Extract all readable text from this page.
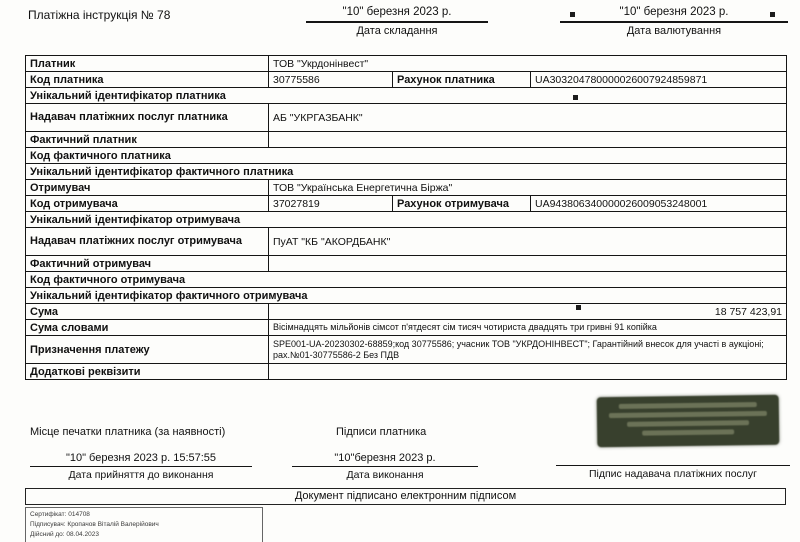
Платіжна інструкція № 78	"10" березня 2023 р.
Дата складання
"10" березня 2023 р.
Дата валютування
Платник	ТОВ "Укрдонінвест"		
Код платника	30775586	Рахунок платника	UA303204780000026007924859871
Унікальний ідентифікатор платника			
Надавач платіжних послуг платника	АБ "УКРГАЗБАНК"		
Фактичний платник			
Код фактичного платника			
Унікальний ідентифікатор фактичного платника			
Отримувач	ТОВ "Українська Енергетична Біржа"		
Код отримувача	37027819	Рахунок отримувача	UA943806340000026009053248001
Унікальний ідентифікатор отримувача			
Надавач платіжних послуг отримувача	ПуАТ "КБ "АКОРДБАНК"		
Фактичний отримувач			
Код фактичного отримувача			
Унікальний ідентифікатор фактичного отримувача			
Сума	18 757 423,91		
Сума словами	Вісімнадцять мільйонів сімсот п'ятдесят сім тисяч чотириста двадцять три гривні 91 копійка		
Призначення платежу	SPE001-UA-20230302-68859;код 30775586; учасник ТОВ "УКРДОНІНВЕСТ"; Гарантійний внесок для участі в аукціоні; рах.№01-30775586-2 Без ПДВ		
Додаткові реквізити			
Місце печатки платника (за наявності)	Підписи платника
"10" березня 2023 р. 15:57:55
Дата прийняття до виконання
"10"березня 2023 р.
Дата виконання	Підпис надавача платіжних послуг
Документ підписано електронним підписом
Сертифікат: 014708
Підписувач: Кропачов Віталій Валерійович
Дійсний до: 08.04.2023
